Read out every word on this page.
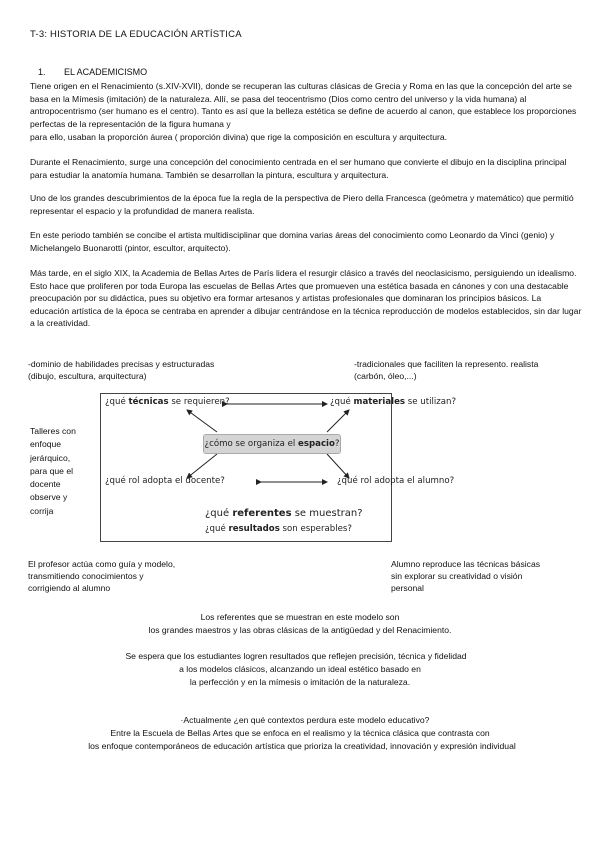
T-3: HISTORIA DE LA EDUCACIÓN ARTÍSTICA
1. EL ACADEMICISMO
Tiene origen en el Renacimiento (s.XIV-XVII), donde se recuperan las culturas clásicas de Grecia y Roma en las que la concepción del arte se basa en la Mímesis (imitación) de la naturaleza. Allí, se pasa del teocentrismo (Dios como centro del universo y la vida humana) al antropocentrismo (ser humano es el centro). Tanto es así que la belleza estética se define de acuerdo al canon, que establece los proporciones perfectas de la representación de la figura humana y
para ello, usaban la proporción áurea ( proporción divina) que rige la composición en escultura y arquitectura.
Durante el Renacimiento, surge una concepción del conocimiento centrada en el ser humano que convierte el dibujo en la disciplina principal para estudiar la anatomía humana. También se desarrollan la pintura, escultura y arquitectura.
Uno de los grandes descubrimientos de la época fue la regla de la perspectiva de Piero della Francesca (geómetra y matemático) que permitió representar el espacio y la profundidad de manera realista.
En este periodo también se concibe el artista multidisciplinar que domina varias áreas del conocimiento como Leonardo da Vinci (genio) y Michelangelo Buonarotti (pintor, escultor, arquitecto).
Más tarde, en el siglo XIX, la Academia de Bellas Artes de París lidera el resurgir clásico a través del neoclasicismo, persiguiendo un idealismo. Esto hace que proliferen por toda Europa las escuelas de Bellas Artes que promueven una estética basada en cánones y con una destacable preocupación por su didáctica, pues su objetivo era formar artesanos y artistas profesionales que dominaran los principios básicos. La educación artística de la época se centraba en aprender a dibujar centrándose en la técnica reproducción de modelos establecidos, sin dar lugar a la creatividad.
-dominio de habilidades precisas y estructuradas
(dibujo, escultura, arquitectura)
-tradicionales que faciliten la represento. realista
(carbón, óleo,...)
Talleres con
enfoque
jerárquico,
para que el
docente
observe y
corrija
¿qué técnicas se requieren?	¿qué materiales se utilizan?
¿cómo se organiza el espacio?
¿qué rol adopta el docente?	¿qué rol adopta el alumno?
¿qué referentes se muestran?
¿qué resultados son esperables?
El profesor actúa como guía y modelo,
transmitiendo conocimientos y
corrigiendo al alumno
Alumno reproduce las técnicas básicas
sin explorar su creatividad o visión
personal
Los referentes que se muestran en este modelo son
los grandes maestros y las obras clásicas de la antigüedad y del Renacimiento.
Se espera que los estudiantes logren resultados que reflejen precisión, técnica y fidelidad
a los modelos clásicos, alcanzando un ideal estético basado en
la perfección y en la mímesis o imitación de la naturaleza.
·Actualmente ¿en qué contextos perdura este modelo educativo?
Entre la Escuela de Bellas Artes que se enfoca en el realismo y la técnica clásica que contrasta con
los enfoque contemporáneos de educación artística que prioriza la creatividad, innovación y expresión individual
